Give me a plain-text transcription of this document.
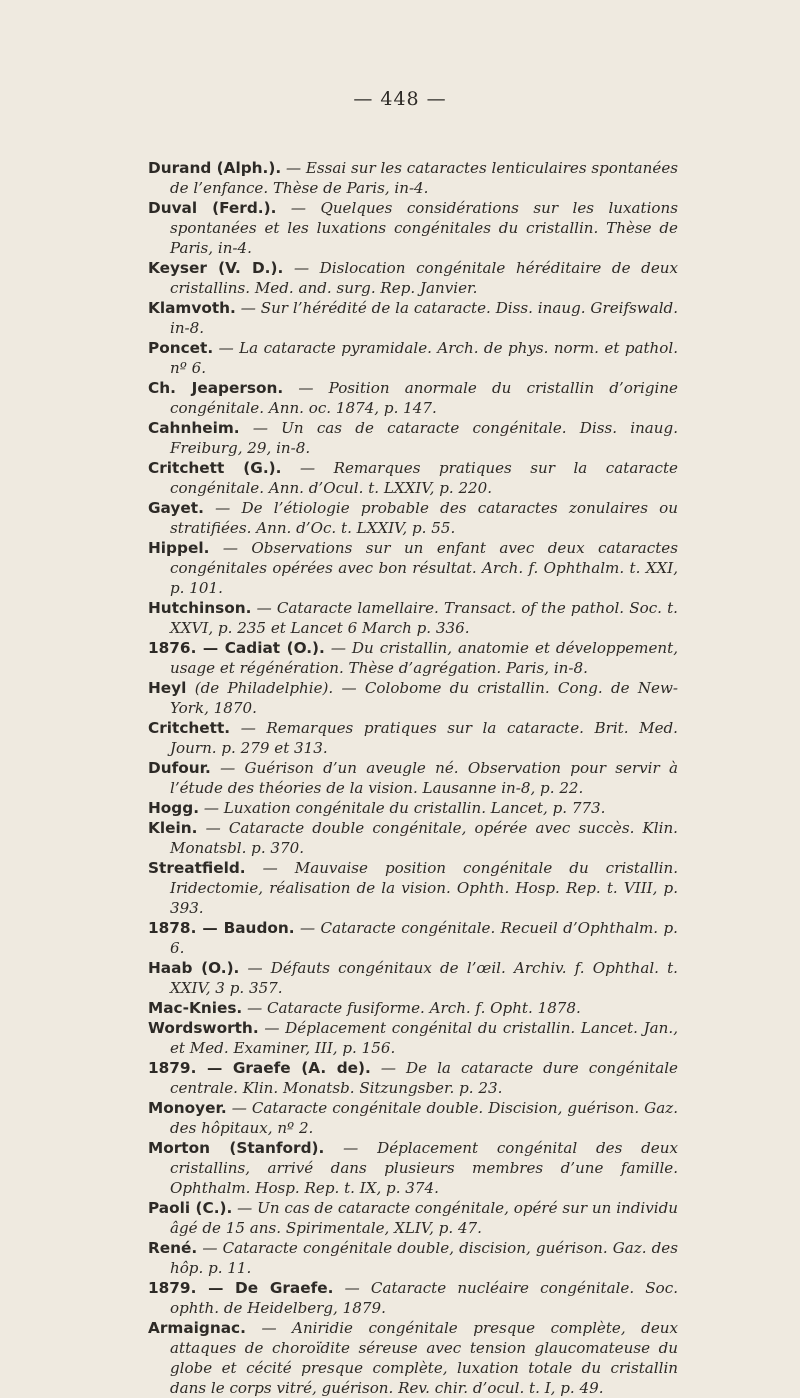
— 448 —

Durand (Alph.). — Essai sur les cataractes lenticulaires spontanées de l’enfance. Thèse de Paris, in-4.

Duval (Ferd.). — Quelques considérations sur les luxations spontanées et les luxations congénitales du cristallin. Thèse de Paris, in-4.

Keyser (V. D.). — Dislocation congénitale héréditaire de deux cristallins. Med. and. surg. Rep. Janvier.

Klamvoth. — Sur l’hérédité de la cataracte. Diss. inaug. Greifswald. in-8.

Poncet. — La cataracte pyramidale. Arch. de phys. norm. et pathol. nº 6.

Ch. Jeaperson. — Position anormale du cristallin d’origine congénitale. Ann. oc. 1874, p. 147.

Cahnheim. — Un cas de cataracte congénitale. Diss. inaug. Freiburg, 29, in-8.

Critchett (G.). — Remarques pratiques sur la cataracte congénitale. Ann. d’Ocul. t. LXXIV, p. 220.

Gayet. — De l’étiologie probable des cataractes zonulaires ou stratifiées. Ann. d’Oc. t. LXXIV, p. 55.

Hippel. — Observations sur un enfant avec deux cataractes congénitales opérées avec bon résultat. Arch. f. Ophthalm. t. XXI, p. 101.

Hutchinson. — Cataracte lamellaire. Transact. of the pathol. Soc. t. XXVI, p. 235 et Lancet 6 March p. 336.

1876. — Cadiat (O.). — Du cristallin, anatomie et développement, usage et régénération. Thèse d’agrégation. Paris, in-8.

Heyl (de Philadelphie). — Colobome du cristallin. Cong. de New-York, 1870.

Critchett. — Remarques pratiques sur la cataracte. Brit. Med. Journ. p. 279 et 313.

Dufour. — Guérison d’un aveugle né. Observation pour servir à l’étude des théories de la vision. Lausanne in-8, p. 22.

Hogg. — Luxation congénitale du cristallin. Lancet, p. 773.

Klein. — Cataracte double congénitale, opérée avec succès. Klin. Monatsbl. p. 370.

Streatfield. — Mauvaise position congénitale du cristallin. Iridectomie, réalisation de la vision. Ophth. Hosp. Rep. t. VIII, p. 393.

1878. — Baudon. — Cataracte congénitale. Recueil d’Ophthalm. p. 6.

Haab (O.). — Défauts congénitaux de l’œil. Archiv. f. Ophthal. t. XXIV, 3 p. 357.

Mac-Knies. — Cataracte fusiforme. Arch. f. Opht. 1878.

Wordsworth. — Déplacement congénital du cristallin. Lancet. Jan., et Med. Examiner, III, p. 156.

1879. — Graefe (A. de). — De la cataracte dure congénitale centrale. Klin. Monatsb. Sitzungsber. p. 23.

Monoyer. — Cataracte congénitale double. Discision, guérison. Gaz. des hôpitaux, nº 2.

Morton (Stanford). — Déplacement congénital des deux cristallins, arrivé dans plusieurs membres d’une famille. Ophthalm. Hosp. Rep. t. IX, p. 374.

Paoli (C.). — Un cas de cataracte congénitale, opéré sur un individu âgé de 15 ans. Spirimentale, XLIV, p. 47.

René. — Cataracte congénitale double, discision, guérison. Gaz. des hôp. p. 11.

1879. — De Graefe. — Cataracte nucléaire congénitale. Soc. ophth. de Heidelberg, 1879.

Armaignac. — Aniridie congénitale presque complète, deux attaques de choroïdite séreuse avec tension glaucomateuse du globe et cécité presque complète, luxation totale du cristallin dans le corps vitré, guérison. Rev. chir. d’ocul. t. I, p. 49.
